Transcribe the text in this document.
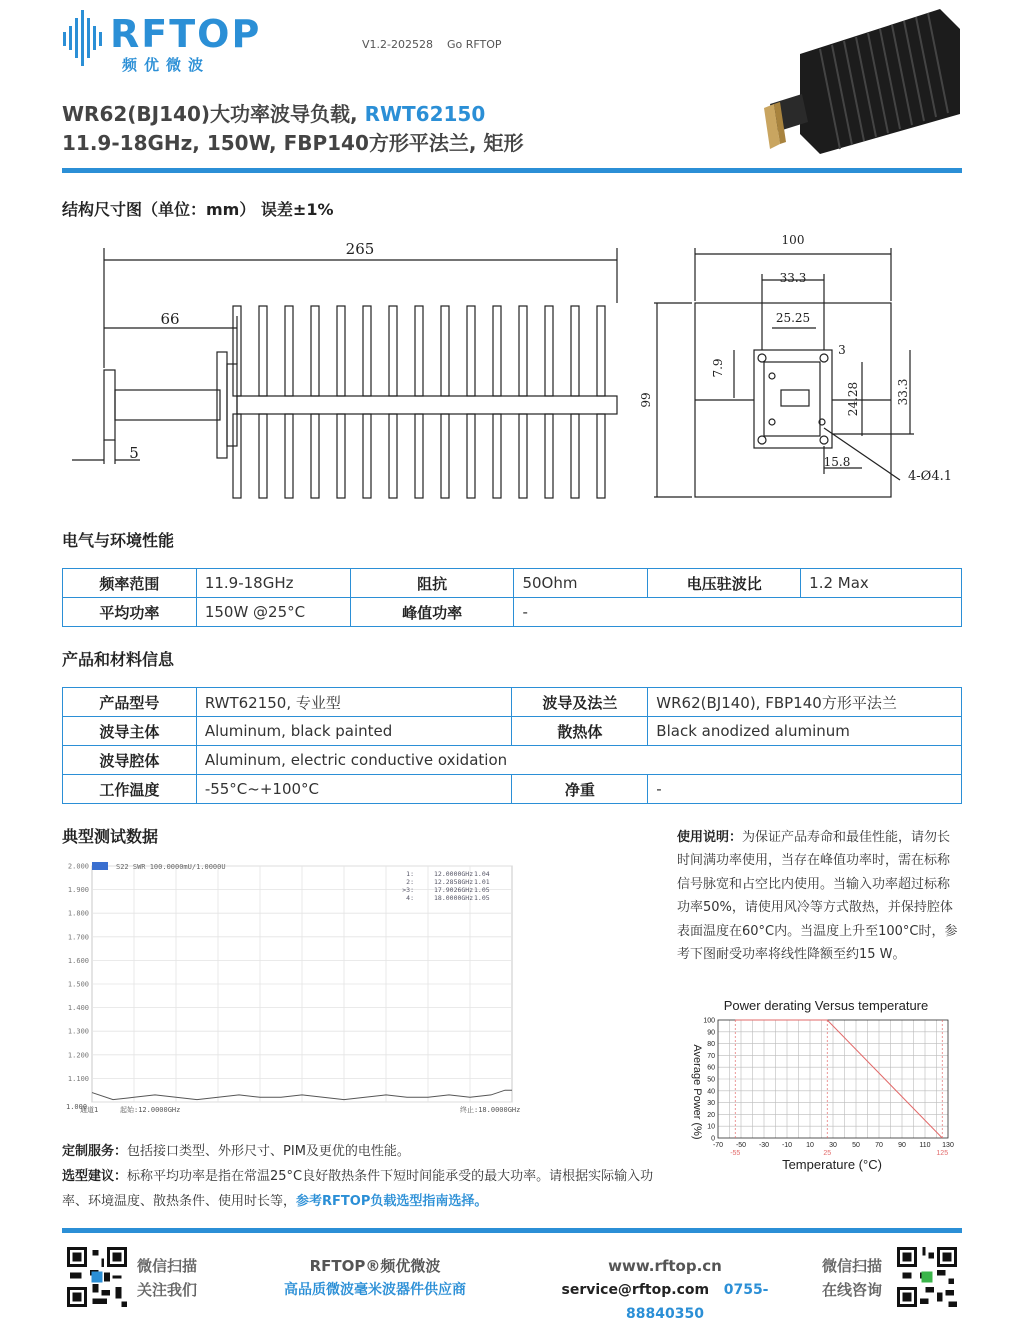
RFTOP
频优微波
V1.2-202528 Go RFTOP
WR62(BJ140)大功率波导负载, RWT62150
11.9-18GHz, 150W, FBP140方形平法兰, 矩形
结构尺寸图（单位：mm） 误差±1%
265
66
5
100
33.3
25.25
15.8
4-Ø4.1
3
99
7.9
24.28	33.3
电气与环境性能
频率范围	11.9-18GHz	阻抗	50Ohm	电压驻波比	1.2 Max
平均功率	150W @25°C	峰值功率	-		
产品和材料信息
产品型号	RWT62150, 专业型	波导及法兰	WR62(BJ140), FBP140方形平法兰
波导主体	Aluminum, black painted	散热体	Black anodized aluminum
波导腔体	Aluminum, electric conductive oxidation		
工作温度	-55°C~+100°C	净重	-
典型测试数据
2.000
1.900
1.800
1.700
1.600
1.500
1.400
1.300
1.200
1.100
S22 SWR 100.0000mU/1.0000U
1:	12.0000GHz 1.04
2:	12.2858GHz 1.01
>3:	17.9026GHz 1.05
4:	18.0000GHz 1.05
1.000
通道1	起始:12.0000GHz	终止:18.0000GHz
使用说明：为保证产品寿命和最佳性能，请勿长时间满功率使用，当存在峰值功率时，需在标称信号脉宽和占空比内使用。当输入功率超过标称功率50%，请使用风冷等方式散热，并保持腔体表面温度在60°C内。当温度上升至100°C时，参考下图耐受功率将线性降额至约15 W。
Power derating Versus temperature
Average Power (%)
Temperature (°C)
-70 -50 -30 -10 10 30 50 70 90 110 130
0
10
20
30
40
50
60
70
80
90
100
-55	25	125
定制服务：包括接口类型、外形尺寸、PIM及更优的电性能。
选型建议：标称平均功率是指在常温25°C良好散热条件下短时间能承受的最大功率。请根据实际输入功率、环境温度、散热条件、使用时长等，参考RFTOP负载选型指南选择。
微信扫描
关注我们
RFTOP®频优微波
高品质微波毫米波器件供应商
www.rftop.cn
service@rftop.com 0755-88840350
微信扫描
在线咨询
